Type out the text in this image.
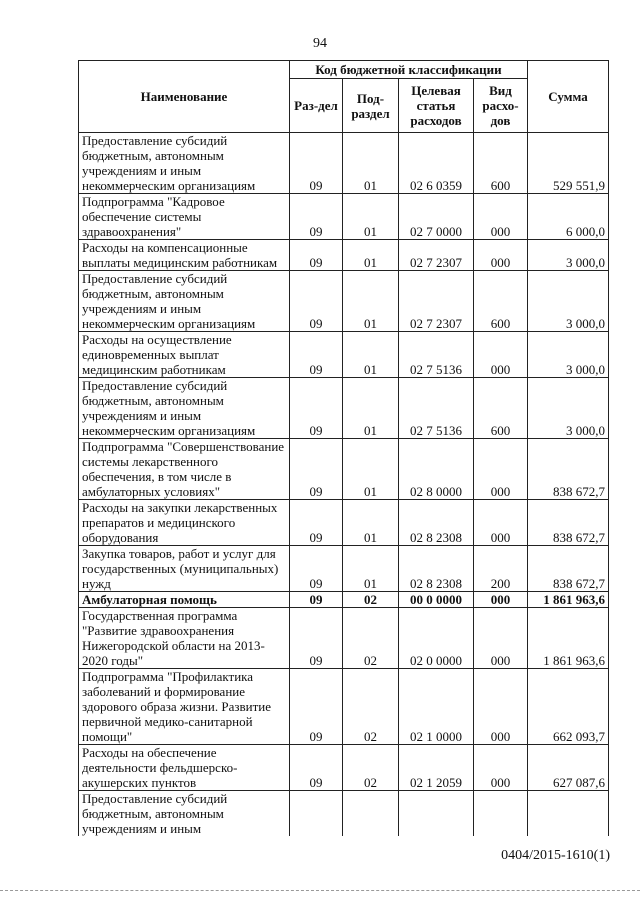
94
Наименование	Код бюджетной классификации				Сумма
	Раз-дел	Под-раздел	Целевая статья расходов	Вид расхо-дов	
Предоставление субсидий бюджетным, автономным учреждениям и иным некоммерческим организациям	09	01	02 6 0359	600	529 551,9
Подпрограмма "Кадровое обеспечение системы здравоохранения"	09	01	02 7 0000	000	6 000,0
Расходы на компенсационные выплаты медицинским работникам	09	01	02 7 2307	000	3 000,0
Предоставление субсидий бюджетным, автономным учреждениям и иным некоммерческим организациям	09	01	02 7 2307	600	3 000,0
Расходы на осуществление единовременных выплат медицинским работникам	09	01	02 7 5136	000	3 000,0
Предоставление субсидий бюджетным, автономным учреждениям и иным некоммерческим организациям	09	01	02 7 5136	600	3 000,0
Подпрограмма "Совершенствование системы лекарственного обеспечения, в том числе в амбулаторных условиях"	09	01	02 8 0000	000	838 672,7
Расходы на закупки лекарственных препаратов и медицинского оборудования	09	01	02 8 2308	000	838 672,7
Закупка товаров, работ и услуг для государственных (муниципальных) нужд	09	01	02 8 2308	200	838 672,7
Амбулаторная помощь	09	02	00 0 0000	000	1 861 963,6
Государственная программа "Развитие здравоохранения Нижегородской области на 2013-2020 годы"	09	02	02 0 0000	000	1 861 963,6
Подпрограмма "Профилактика заболеваний и формирование здорового образа жизни. Развитие первичной медико-санитарной помощи"	09	02	02 1 0000	000	662 093,7
Расходы на обеспечение деятельности фельдшерско-акушерских пунктов	09	02	02 1 2059	000	627 087,6
Предоставление субсидий бюджетным, автономным учреждениям и иным					
0404/2015-1610(1)
